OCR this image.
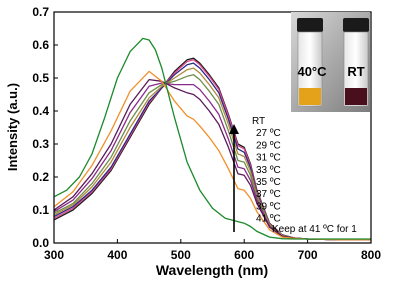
0.0
0.1
0.2
0.3
0.4
0.5
0.6
0.7
300	400	500	600	700	800
Wavelength (nm)
Intensity (a.u.)
40°C RT
RT
27 ºC
29 ºC
31 ºC
33 ºC
35 ºC
37 ºC
39 ºC
41 ºC
Keep at 41 ºC for 1
